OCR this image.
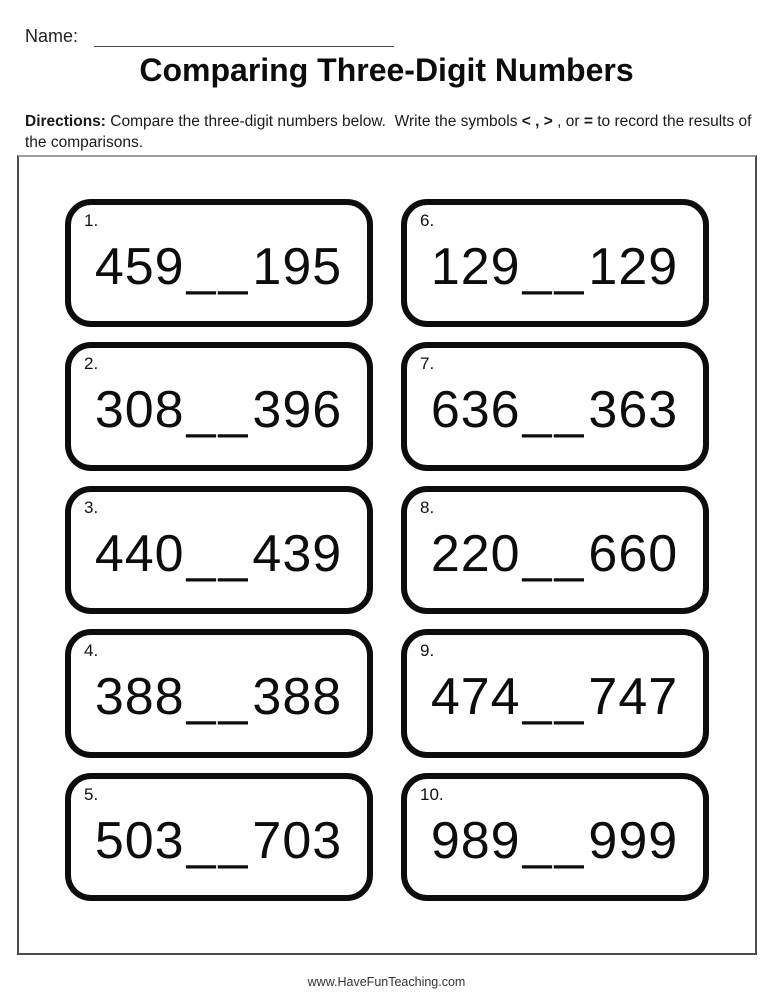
Name:
Comparing Three-Digit Numbers
Directions: Compare the three-digit numbers below.  Write the symbols < , > , or = to record the results of the comparisons.
1.
459 __ 195
2.
308 __ 396
3.
440 __ 439
4.
388 __ 388
5.
503 __ 703
6.
129 __ 129
7.
636 __ 363
8.
220 __ 660
9.
474 __ 747
10.
989 __ 999
www.HaveFunTeaching.com
